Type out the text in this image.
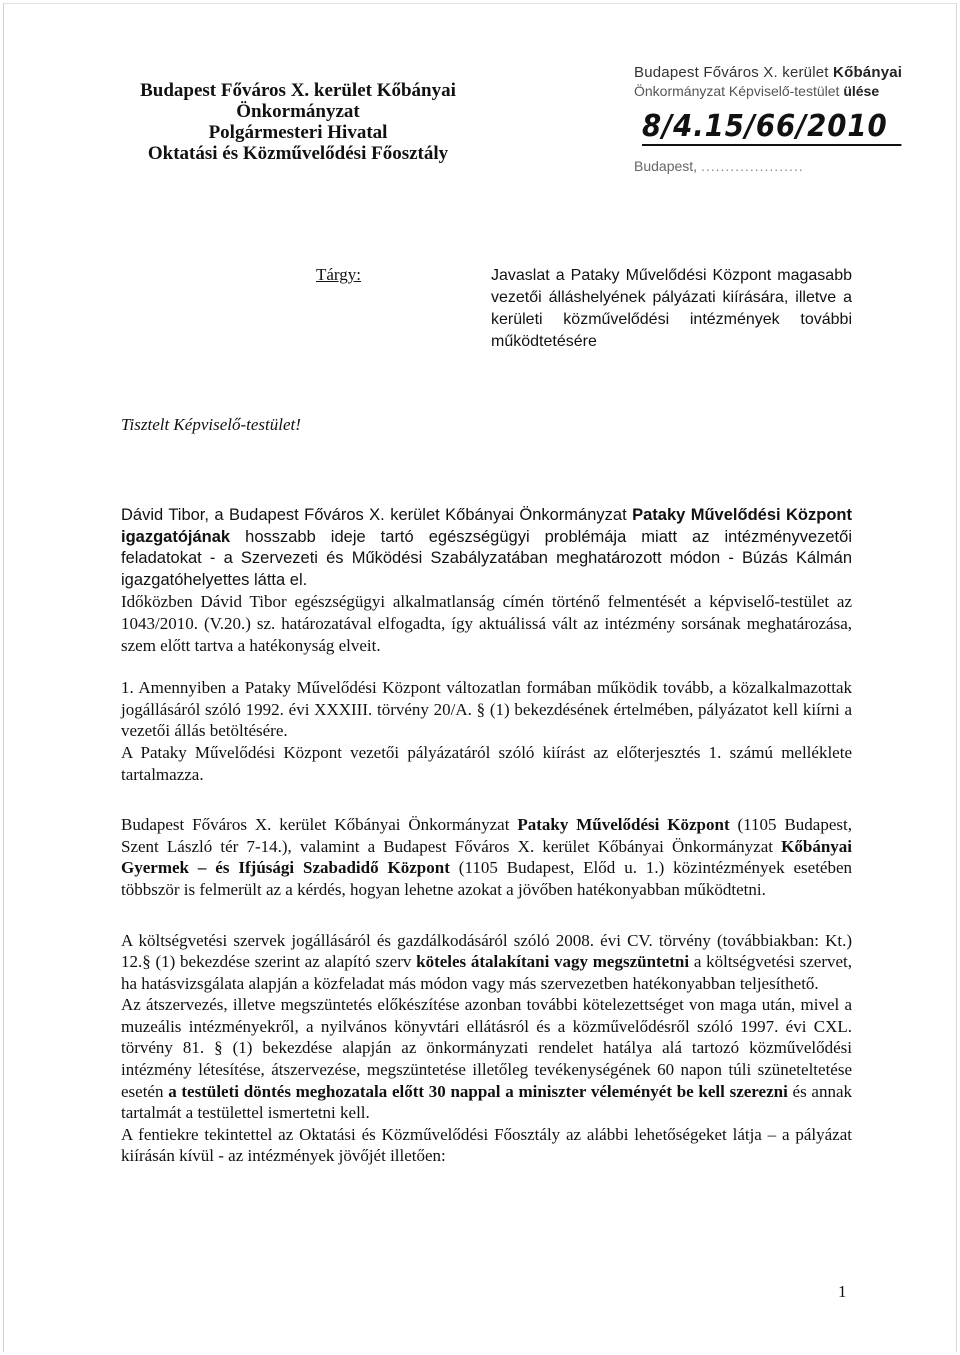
Budapest Főváros X. kerület Kőbányai Önkormányzat
Polgármesteri Hivatal
Oktatási és Közművelődési Főosztály
Budapest Főváros X. kerület Kőbányai
Önkormányzat Képviselő-testület ülése
8/4.15/66/2010
Budapest, .....................
Tárgy:	Javaslat a Pataky Művelődési Központ magasabb vezetői álláshelyének pályázati kiírására, illetve a kerületi közművelődési intézmények további működtetésére
Tisztelt Képviselő-testület!

Dávid Tibor, a Budapest Főváros X. kerület Kőbányai Önkormányzat Pataky Művelődési Központ igazgatójának hosszabb ideje tartó egészségügyi problémája miatt az intézményvezetői feladatokat - a Szervezeti és Működési Szabályzatában meghatározott módon - Búzás Kálmán igazgatóhelyettes látta el.

Időközben Dávid Tibor egészségügyi alkalmatlanság címén történő felmentését a képviselő-testület az 1043/2010. (V.20.) sz. határozatával elfogadta, így aktuálissá vált az intézmény sorsának meghatározása, szem előtt tartva a hatékonyság elveit.

1. Amennyiben a Pataky Művelődési Központ változatlan formában működik tovább, a közalkalmazottak jogállásáról szóló 1992. évi XXXIII. törvény 20/A. § (1) bekezdésének értelmében, pályázatot kell kiírni a vezetői állás betöltésére.

A Pataky Művelődési Központ vezetői pályázatáról szóló kiírást az előterjesztés 1. számú melléklete tartalmazza.

Budapest Főváros X. kerület Kőbányai Önkormányzat Pataky Művelődési Központ (1105 Budapest, Szent László tér 7-14.), valamint a Budapest Főváros X. kerület Kőbányai Önkormányzat Kőbányai Gyermek – és Ifjúsági Szabadidő Központ (1105 Budapest, Előd u. 1.) közintézmények esetében többször is felmerült az a kérdés, hogyan lehetne azokat a jövőben hatékonyabban működtetni.

A költségvetési szervek jogállásáról és gazdálkodásáról szóló 2008. évi CV. törvény (továbbiakban: Kt.) 12.§ (1) bekezdése szerint az alapító szerv köteles átalakítani vagy megszüntetni a költségvetési szervet, ha hatásvizsgálata alapján a közfeladat más módon vagy más szervezetben hatékonyabban teljesíthető.

Az átszervezés, illetve megszüntetés előkészítése azonban további kötelezettséget von maga után, mivel a muzeális intézményekről, a nyilvános könyvtári ellátásról és a közművelődésről szóló 1997. évi CXL. törvény 81. § (1) bekezdése alapján az önkormányzati rendelet hatálya alá tartozó közművelődési intézmény létesítése, átszervezése, megszüntetése illetőleg tevékenységének 60 napon túli szüneteltetése esetén a testületi döntés meghozatala előtt 30 nappal a miniszter véleményét be kell szerezni és annak tartalmát a testülettel ismertetni kell.

A fentiekre tekintettel az Oktatási és Közművelődési Főosztály az alábbi lehetőségeket látja – a pályázat kiírásán kívül - az intézmények jövőjét illetően:

1
